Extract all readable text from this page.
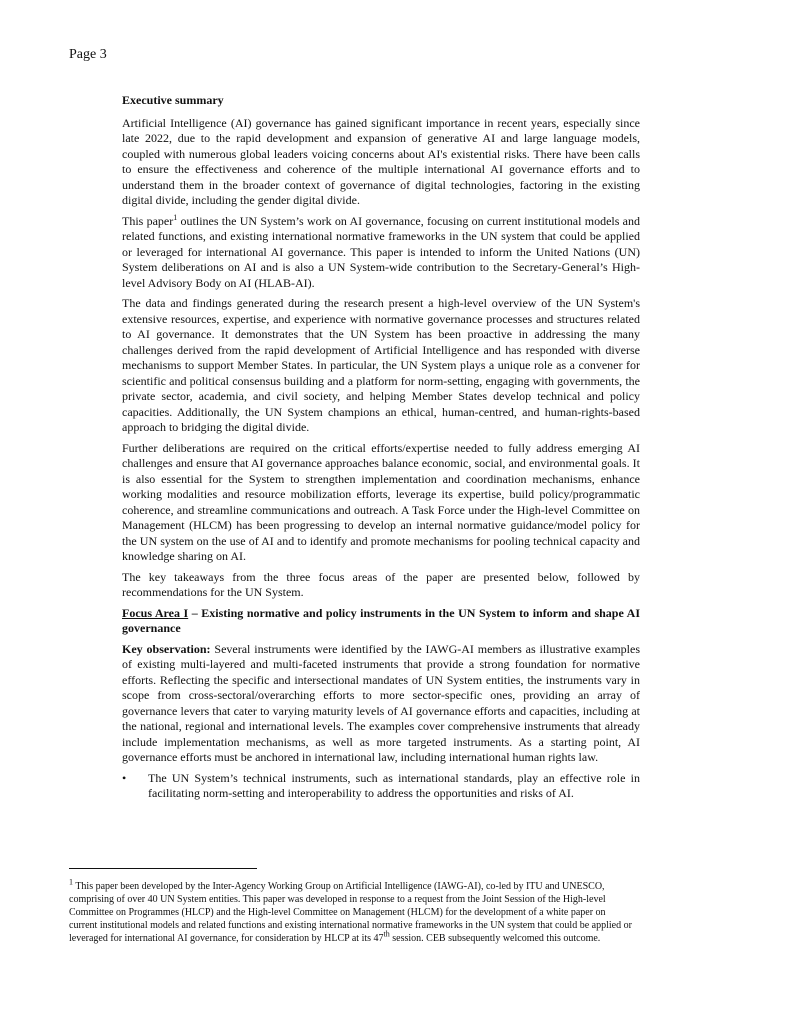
Page 3
Executive summary

Artificial Intelligence (AI) governance has gained significant importance in recent years, especially since late 2022, due to the rapid development and expansion of generative AI and large language models, coupled with numerous global leaders voicing concerns about AI's existential risks. There have been calls to ensure the effectiveness and coherence of the multiple international AI governance efforts and to understand them in the broader context of governance of digital technologies, factoring in the existing digital divide, including the gender digital divide.

This paper$^1$ outlines the UN System’s work on AI governance, focusing on current institutional models and related functions, and existing international normative frameworks in the UN system that could be applied or leveraged for international AI governance. This paper is intended to inform the United Nations (UN) System deliberations on AI and is also a UN System-wide contribution to the Secretary-General’s High-level Advisory Body on AI (HLAB-AI).

The data and findings generated during the research present a high-level overview of the UN System's extensive resources, expertise, and experience with normative governance processes and structures related to AI governance. It demonstrates that the UN System has been proactive in addressing the many challenges derived from the rapid development of Artificial Intelligence and has responded with diverse mechanisms to support Member States. In particular, the UN System plays a unique role as a convener for scientific and political consensus building and a platform for norm-setting, engaging with governments, the private sector, academia, and civil society, and helping Member States develop technical and policy capacities. Additionally, the UN System champions an ethical, human-centred, and human-rights-based approach to bridging the digital divide.

Further deliberations are required on the critical efforts/expertise needed to fully address emerging AI challenges and ensure that AI governance approaches balance economic, social, and environmental goals. It is also essential for the System to strengthen implementation and coordination mechanisms, enhance working modalities and resource mobilization efforts, leverage its expertise, build policy/programmatic coherence, and streamline communications and outreach. A Task Force under the High-level Committee on Management (HLCM) has been progressing to develop an internal normative guidance/model policy for the UN system on the use of AI and to identify and promote mechanisms for pooling technical capacity and knowledge sharing on AI.

The key takeaways from the three focus areas of the paper are presented below, followed by recommendations for the UN System.

Focus Area I – Existing normative and policy instruments in the UN System to inform and shape AI governance

Key observation: Several instruments were identified by the IAWG-AI members as illustrative examples of existing multi-layered and multi-faceted instruments that provide a strong foundation for normative efforts. Reflecting the specific and intersectional mandates of UN System entities, the instruments vary in scope from cross-sectoral/overarching efforts to more sector-specific ones, providing an array of governance levers that cater to varying maturity levels of AI governance efforts and capacities, including at the national, regional and international levels. The examples cover comprehensive instruments that already include implementation mechanisms, as well as more targeted instruments. As a starting point, AI governance efforts must be anchored in international law, including international human rights law.

•	The UN System’s technical instruments, such as international standards, play an effective role in facilitating norm-setting and interoperability to address the opportunities and risks of AI.
$^1$ This paper been developed by the Inter-Agency Working Group on Artificial Intelligence (IAWG-AI), co-led by ITU and UNESCO, comprising of over 40 UN System entities. This paper was developed in response to a request from the Joint Session of the High-level Committee on Programmes (HLCP) and the High-level Committee on Management (HLCM) for the development of a white paper on current institutional models and related functions and existing international normative frameworks in the UN system that could be applied or leveraged for international AI governance, for consideration by HLCP at its 47th session. CEB subsequently welcomed this outcome.
